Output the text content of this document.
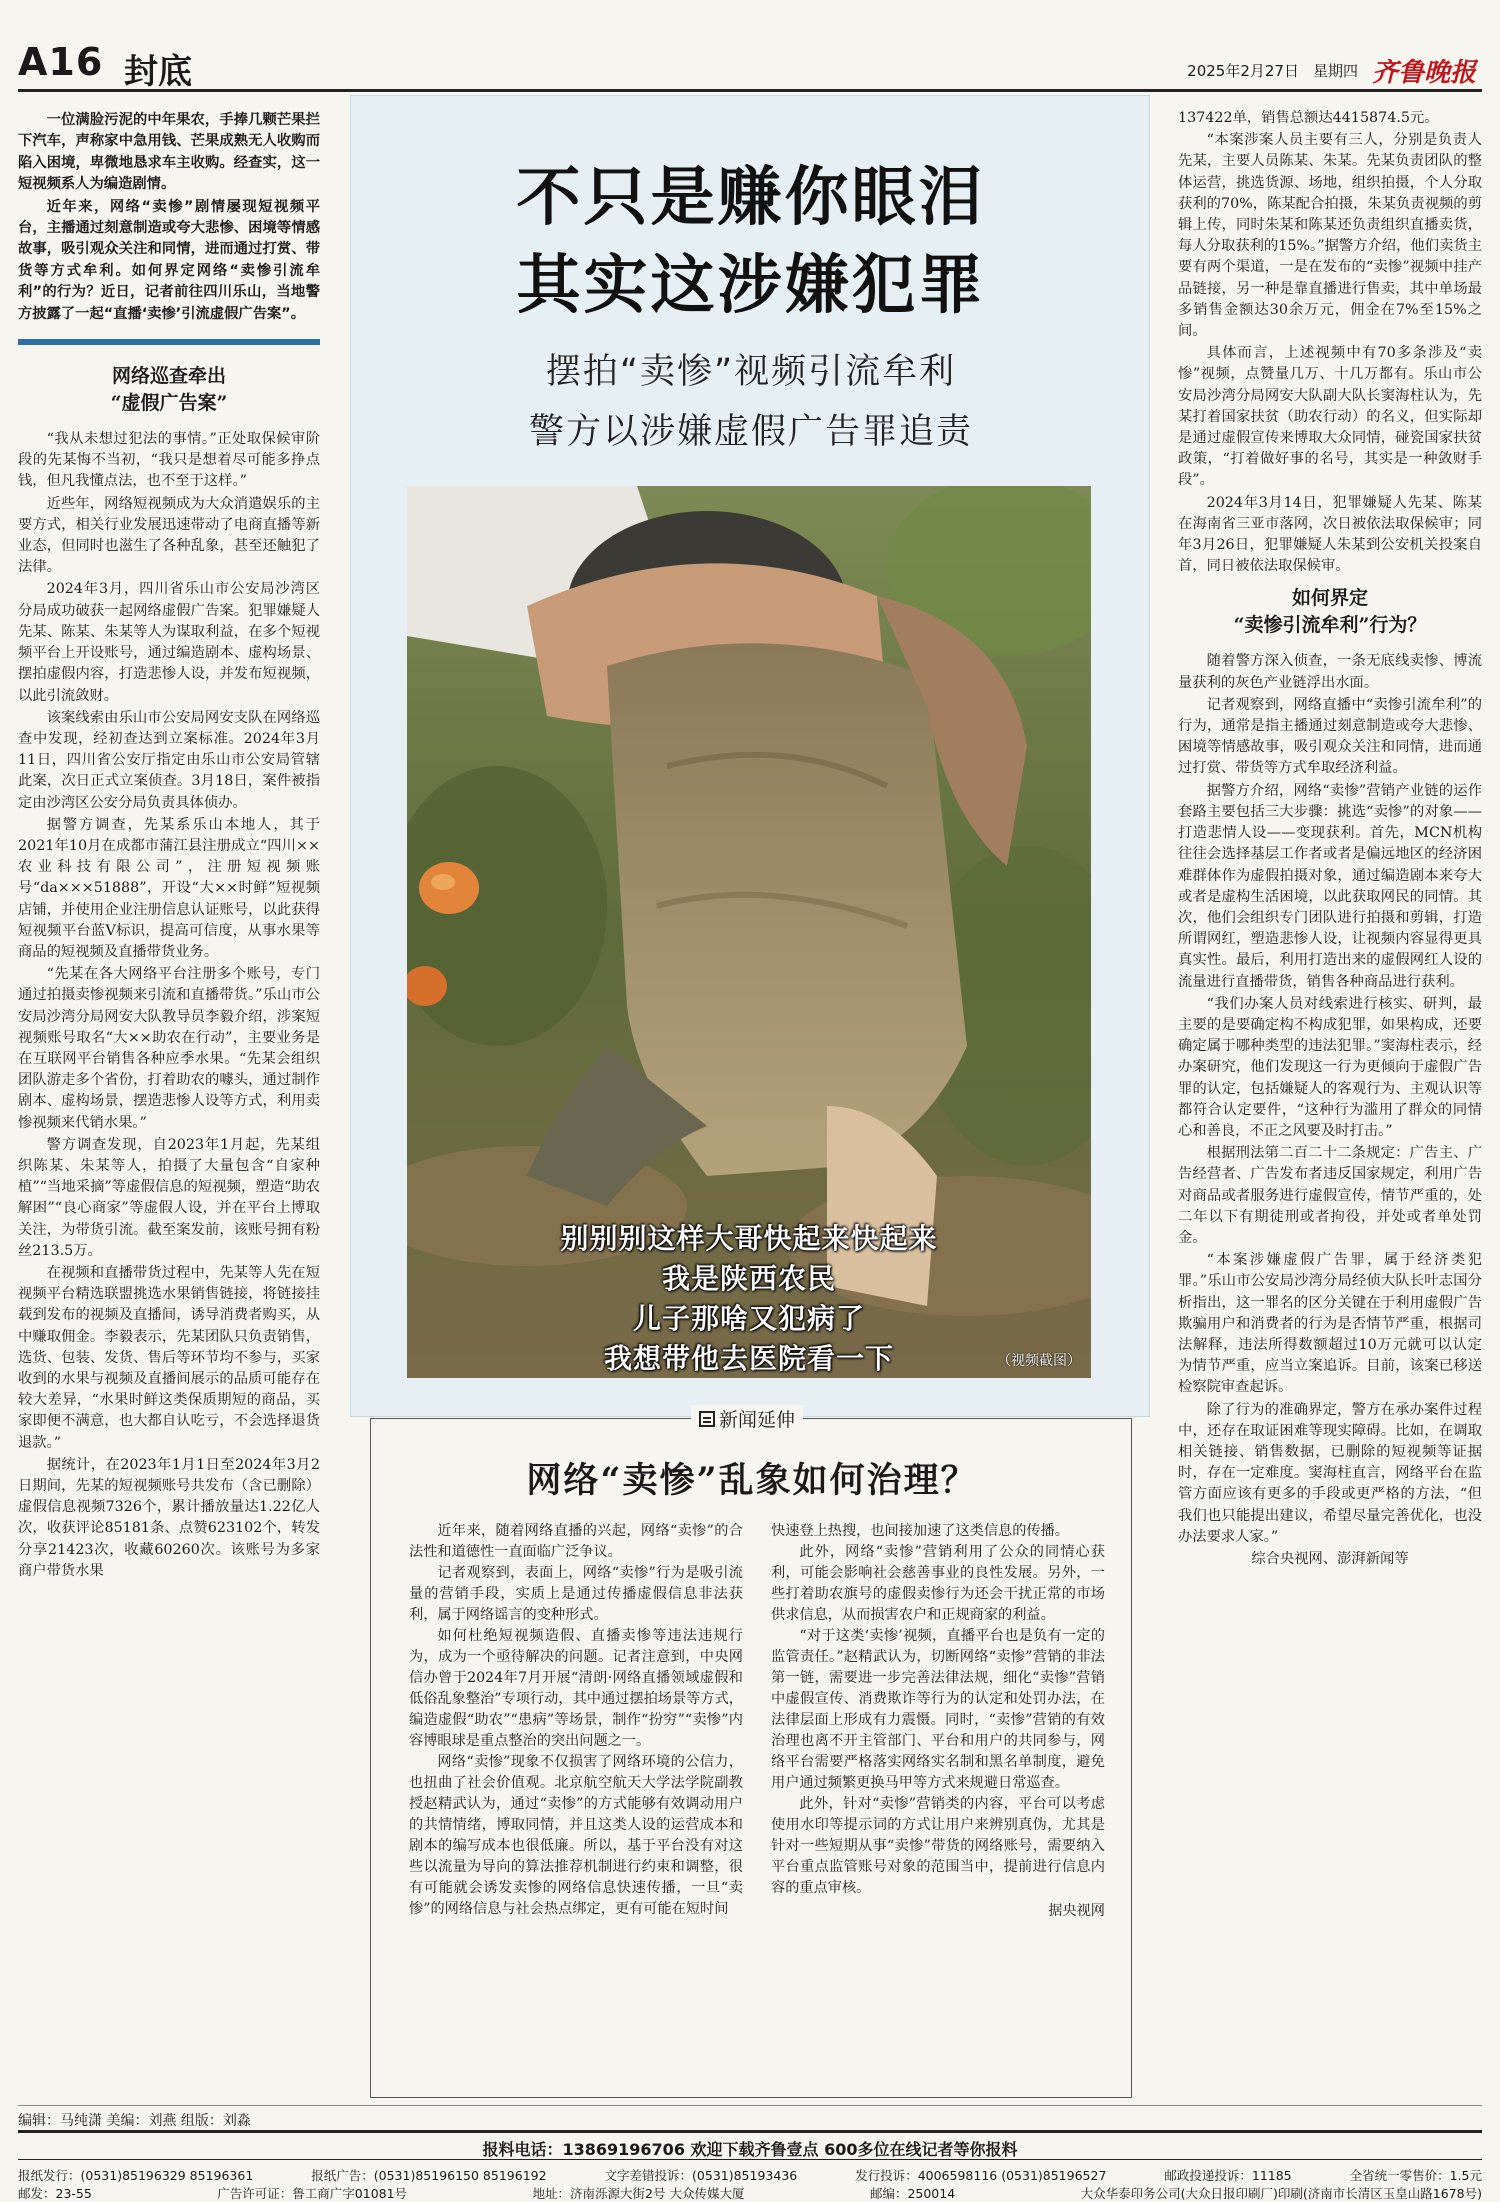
A16 封底	2025年2月27日 星期四 齐鲁晚报

一位满脸污泥的中年果农，手捧几颗芒果拦下汽车，声称家中急用钱、芒果成熟无人收购而陷入困境，卑微地恳求车主收购。经查实，这一短视频系人为编造剧情。

近年来，网络“卖惨”剧情屡现短视频平台，主播通过刻意制造或夸大悲惨、困境等情感故事，吸引观众关注和同情，进而通过打赏、带货等方式牟利。如何界定网络“卖惨引流牟利”的行为？近日，记者前往四川乐山，当地警方披露了一起“直播‘卖惨’引流虚假广告案”。

网络巡查牵出
“虚假广告案”

“我从未想过犯法的事情。”正处取保候审阶段的先某悔不当初，“我只是想着尽可能多挣点钱，但凡我懂点法，也不至于这样。”

近些年，网络短视频成为大众消遣娱乐的主要方式，相关行业发展迅速带动了电商直播等新业态，但同时也滋生了各种乱象，甚至还触犯了法律。

2024年3月，四川省乐山市公安局沙湾区分局成功破获一起网络虚假广告案。犯罪嫌疑人先某、陈某、朱某等人为谋取利益，在多个短视频平台上开设账号，通过编造剧本、虚构场景、摆拍虚假内容，打造悲惨人设，并发布短视频，以此引流敛财。

该案线索由乐山市公安局网安支队在网络巡查中发现，经初查达到立案标准。2024年3月11日，四川省公安厅指定由乐山市公安局管辖此案，次日正式立案侦查。3月18日，案件被指定由沙湾区公安分局负责具体侦办。

据警方调查，先某系乐山本地人，其于2021年10月在成都市蒲江县注册成立“四川××农业科技有限公司”，注册短视频账号“da×××51888”，开设“大××时鲜”短视频店铺，并使用企业注册信息认证账号，以此获得短视频平台蓝V标识，提高可信度，从事水果等商品的短视频及直播带货业务。

“先某在各大网络平台注册多个账号，专门通过拍摄卖惨视频来引流和直播带货。”乐山市公安局沙湾分局网安大队教导员李毅介绍，涉案短视频账号取名“大××助农在行动”，主要业务是在互联网平台销售各种应季水果。“先某会组织团队游走多个省份，打着助农的噱头，通过制作剧本、虚构场景，摆造悲惨人设等方式，利用卖惨视频来代销水果。”

警方调查发现，自2023年1月起，先某组织陈某、朱某等人，拍摄了大量包含“自家种植”“当地采摘”等虚假信息的短视频，塑造“助农解困”“良心商家”等虚假人设，并在平台上博取关注，为带货引流。截至案发前，该账号拥有粉丝213.5万。

在视频和直播带货过程中，先某等人先在短视频平台精选联盟挑选水果销售链接，将链接挂载到发布的视频及直播间，诱导消费者购买，从中赚取佣金。李毅表示，先某团队只负责销售，选货、包装、发货、售后等环节均不参与，买家收到的水果与视频及直播间展示的品质可能存在较大差异，“水果时鲜这类保质期短的商品，买家即便不满意，也大都自认吃亏，不会选择退货退款。”

据统计，在2023年1月1日至2024年3月2日期间，先某的短视频账号共发布（含已删除）虚假信息视频7326个，累计播放量达1.22亿人次，收获评论85181条、点赞623102个，转发分享21423次，收藏60260次。该账号为多家商户带货水果

不只是赚你眼泪
其实这涉嫌犯罪
摆拍“卖惨”视频引流牟利
警方以涉嫌虚假广告罪追责
别别别这样大哥快起来快起来
我是陕西农民
儿子那啥又犯病了
我想带他去医院看一下	（视频截图）
新闻延伸
网络“卖惨”乱象如何治理？

近年来，随着网络直播的兴起，网络“卖惨”的合法性和道德性一直面临广泛争议。

记者观察到，表面上，网络“卖惨”行为是吸引流量的营销手段，实质上是通过传播虚假信息非法获利，属于网络谣言的变种形式。

如何杜绝短视频造假、直播卖惨等违法违规行为，成为一个亟待解决的问题。记者注意到，中央网信办曾于2024年7月开展“清朗·网络直播领域虚假和低俗乱象整治”专项行动，其中通过摆拍场景等方式，编造虚假“助农”“患病”等场景，制作“扮穷”“卖惨”内容博眼球是重点整治的突出问题之一。

网络“卖惨”现象不仅损害了网络环境的公信力，也扭曲了社会价值观。北京航空航天大学法学院副教授赵精武认为，通过“卖惨”的方式能够有效调动用户的共情情绪，博取同情，并且这类人设的运营成本和剧本的编写成本也很低廉。所以，基于平台没有对这些以流量为导向的算法推荐机制进行约束和调整，很有可能就会诱发卖惨的网络信息快速传播，一旦“卖惨”的网络信息与社会热点绑定，更有可能在短时间

快速登上热搜，也间接加速了这类信息的传播。

此外，网络“卖惨”营销利用了公众的同情心获利，可能会影响社会慈善事业的良性发展。另外，一些打着助农旗号的虚假卖惨行为还会干扰正常的市场供求信息，从而损害农户和正规商家的利益。

“对于这类‘卖惨’视频，直播平台也是负有一定的监管责任。”赵精武认为，切断网络“卖惨”营销的非法第一链，需要进一步完善法律法规，细化“卖惨”营销中虚假宣传、消费欺诈等行为的认定和处罚办法，在法律层面上形成有力震慑。同时，“卖惨”营销的有效治理也离不开主管部门、平台和用户的共同参与，网络平台需要严格落实网络实名制和黑名单制度，避免用户通过频繁更换马甲等方式来规避日常巡查。

此外，针对“卖惨”营销类的内容，平台可以考虑使用水印等提示词的方式让用户来辨别真伪，尤其是针对一些短期从事“卖惨”带货的网络账号，需要纳入平台重点监管账号对象的范围当中，提前进行信息内容的重点审核。

据央视网

137422单，销售总额达4415874.5元。

“本案涉案人员主要有三人，分别是负责人先某，主要人员陈某、朱某。先某负责团队的整体运营，挑选货源、场地，组织拍摄，个人分取获利的70%，陈某配合拍摄，朱某负责视频的剪辑上传，同时朱某和陈某还负责组织直播卖货，每人分取获利的15%。”据警方介绍，他们卖货主要有两个渠道，一是在发布的“卖惨”视频中挂产品链接，另一种是靠直播进行售卖，其中单场最多销售金额达30余万元，佣金在7%至15%之间。

具体而言，上述视频中有70多条涉及“卖惨”视频，点赞量几万、十几万都有。乐山市公安局沙湾分局网安大队副大队长窦海柱认为，先某打着国家扶贫（助农行动）的名义，但实际却是通过虚假宣传来博取大众同情，碰瓷国家扶贫政策，“打着做好事的名号，其实是一种敛财手段”。

2024年3月14日，犯罪嫌疑人先某、陈某在海南省三亚市落网，次日被依法取保候审；同年3月26日，犯罪嫌疑人朱某到公安机关投案自首，同日被依法取保候审。

如何界定
“卖惨引流牟利”行为？

随着警方深入侦查，一条无底线卖惨、博流量获利的灰色产业链浮出水面。

记者观察到，网络直播中“卖惨引流牟利”的行为，通常是指主播通过刻意制造或夸大悲惨、困境等情感故事，吸引观众关注和同情，进而通过打赏、带货等方式牟取经济利益。

据警方介绍，网络“卖惨”营销产业链的运作套路主要包括三大步骤：挑选“卖惨”的对象——打造悲情人设——变现获利。首先，MCN机构往往会选择基层工作者或者是偏远地区的经济困难群体作为虚假拍摄对象，通过编造剧本来夸大或者是虚构生活困境，以此获取网民的同情。其次，他们会组织专门团队进行拍摄和剪辑，打造所谓网红，塑造悲惨人设，让视频内容显得更具真实性。最后，利用打造出来的虚假网红人设的流量进行直播带货，销售各种商品进行获利。

“我们办案人员对线索进行核实、研判，最主要的是要确定构不构成犯罪，如果构成，还要确定属于哪种类型的违法犯罪。”窦海柱表示，经办案研究，他们发现这一行为更倾向于虚假广告罪的认定，包括嫌疑人的客观行为、主观认识等都符合认定要件，“这种行为滥用了群众的同情心和善良，不正之风要及时打击。”

根据刑法第二百二十二条规定：广告主、广告经营者、广告发布者违反国家规定，利用广告对商品或者服务进行虚假宣传，情节严重的，处二年以下有期徒刑或者拘役，并处或者单处罚金。

“本案涉嫌虚假广告罪，属于经济类犯罪。”乐山市公安局沙湾分局经侦大队长叶志国分析指出，这一罪名的区分关键在于利用虚假广告欺骗用户和消费者的行为是否情节严重，根据司法解释，违法所得数额超过10万元就可以认定为情节严重，应当立案追诉。目前，该案已移送检察院审查起诉。

除了行为的准确界定，警方在承办案件过程中，还存在取证困难等现实障碍。比如，在调取相关链接、销售数据，已删除的短视频等证据时，存在一定难度。窦海柱直言，网络平台在监管方面应该有更多的手段或更严格的方法，“但我们也只能提出建议，希望尽量完善优化，也没办法要求人家。”

综合央视网、澎湃新闻等
编辑：马纯潇 美编：刘燕 组版：刘淼
报料电话：13869196706 欢迎下载齐鲁壹点 600多位在线记者等你报料
报纸发行：(0531)85196329 85196361	报纸广告：(0531)85196150 85196192	文字差错投诉：(0531)85193436	发行投诉：4006598116 (0531)85196527	邮政投递投诉：11185	全省统一零售价：1.5元
邮发：23-55	广告许可证：鲁工商广字01081号	地址：济南泺源大街2号 大众传媒大厦	邮编：250014	大众华泰印务公司(大众日报印刷厂)印刷(济南市长清区玉皇山路1678号)
